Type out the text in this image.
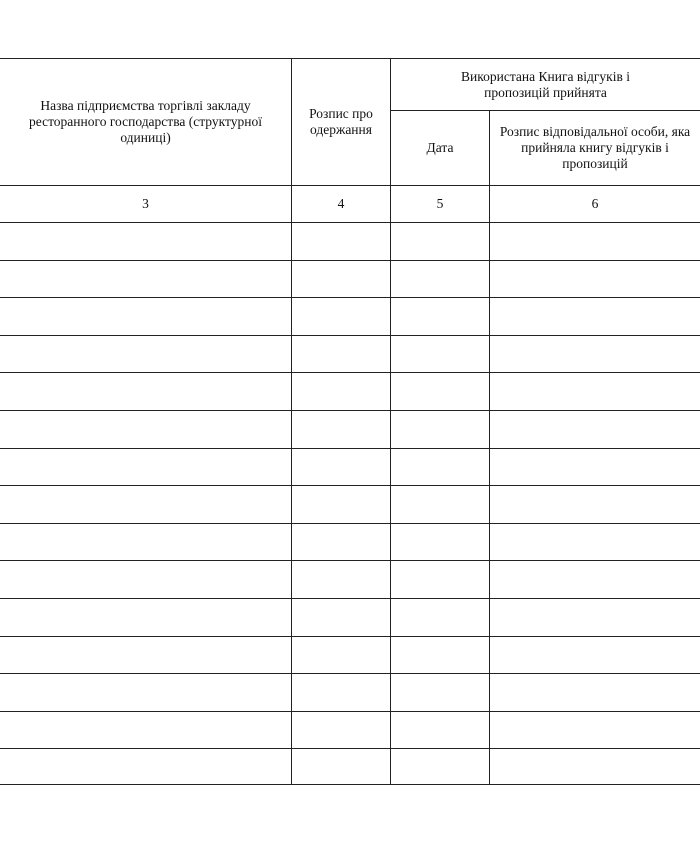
Назва підприємства торгівлі закладу ресторанного господарства (структурної одиниці)	Розпис про одержання	Використана Книга відгуків і пропозицій прийнята	
		Дата	Розпис відповідальної особи, яка прийняла книгу відгуків і пропозицій
3	4	5	6
